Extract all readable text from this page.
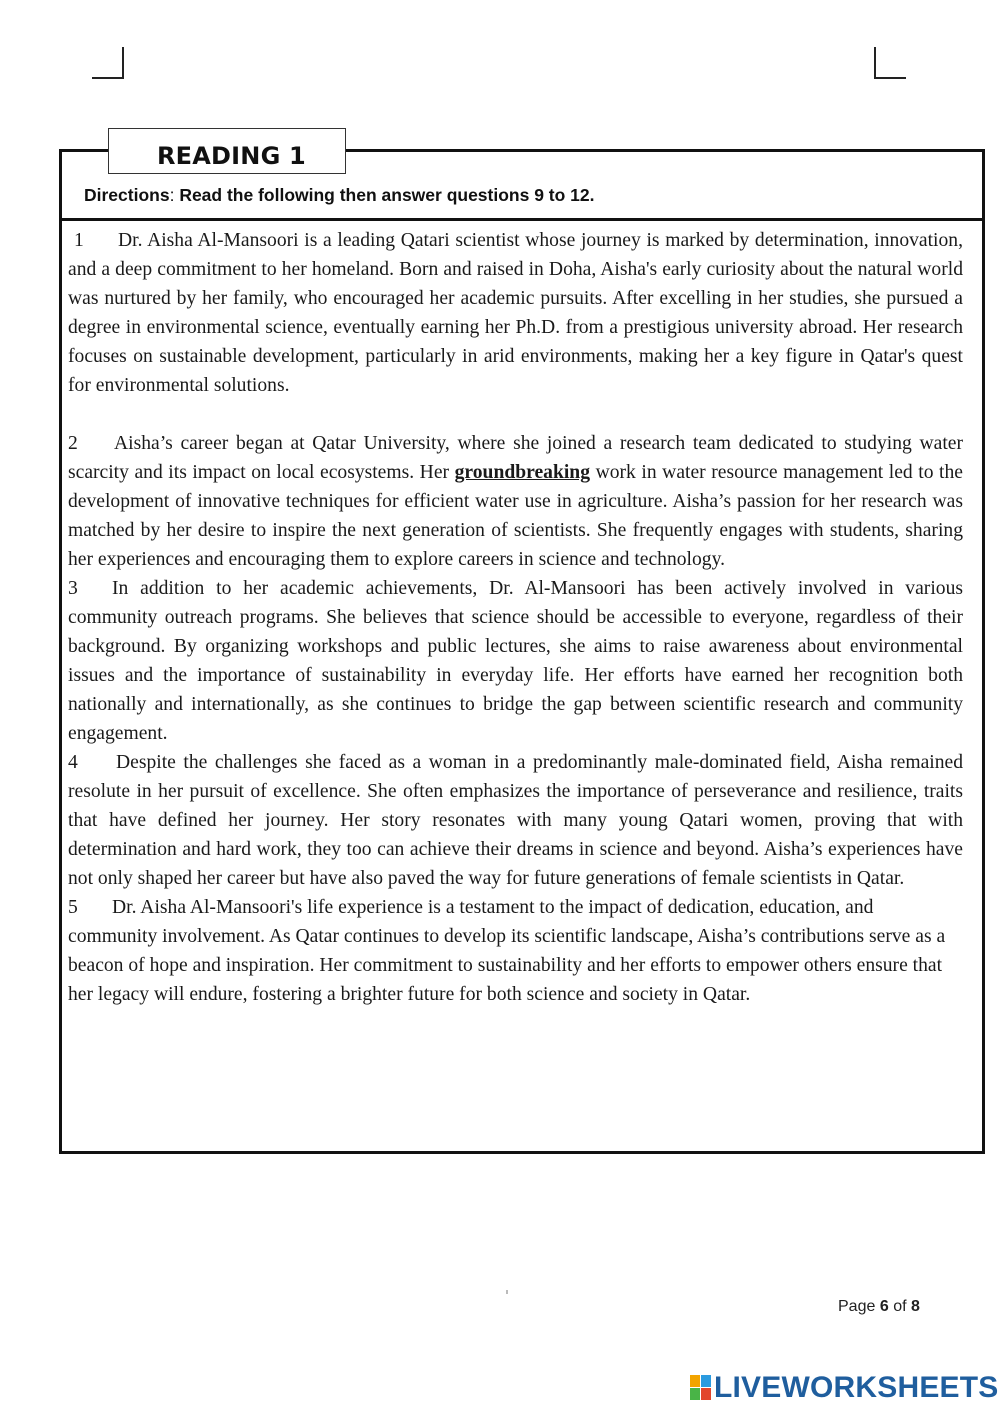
READING 1
Directions: Read the following then answer questions 9 to 12.

1 Dr. Aisha Al-Mansoori is a leading Qatari scientist whose journey is marked by determination, innovation, and a deep commitment to her homeland. Born and raised in Doha, Aisha's early curiosity about the natural world was nurtured by her family, who encouraged her academic pursuits. After excelling in her studies, she pursued a degree in environmental science, eventually earning her Ph.D. from a prestigious university abroad. Her research focuses on sustainable development, particularly in arid environments, making her a key figure in Qatar's quest for environmental solutions.

2 Aisha’s career began at Qatar University, where she joined a research team dedicated to studying water scarcity and its impact on local ecosystems. Her groundbreaking work in water resource management led to the development of innovative techniques for efficient water use in agriculture. Aisha’s passion for her research was matched by her desire to inspire the next generation of scientists. She frequently engages with students, sharing her experiences and encouraging them to explore careers in science and technology.

3 In addition to her academic achievements, Dr. Al-Mansoori has been actively involved in various community outreach programs. She believes that science should be accessible to everyone, regardless of their background. By organizing workshops and public lectures, she aims to raise awareness about environmental issues and the importance of sustainability in everyday life. Her efforts have earned her recognition both nationally and internationally, as she continues to bridge the gap between scientific research and community engagement.

4 Despite the challenges she faced as a woman in a predominantly male-dominated field, Aisha remained resolute in her pursuit of excellence. She often emphasizes the importance of perseverance and resilience, traits that have defined her journey. Her story resonates with many young Qatari women, proving that with determination and hard work, they too can achieve their dreams in science and beyond. Aisha’s experiences have not only shaped her career but have also paved the way for future generations of female scientists in Qatar.

5 Dr. Aisha Al-Mansoori's life experience is a testament to the impact of dedication, education, and community involvement. As Qatar continues to develop its scientific landscape, Aisha’s contributions serve as a beacon of hope and inspiration. Her commitment to sustainability and her efforts to empower others ensure that her legacy will endure, fostering a brighter future for both science and society in Qatar.

Page 6 of 8
LIVEWORKSHEETS
